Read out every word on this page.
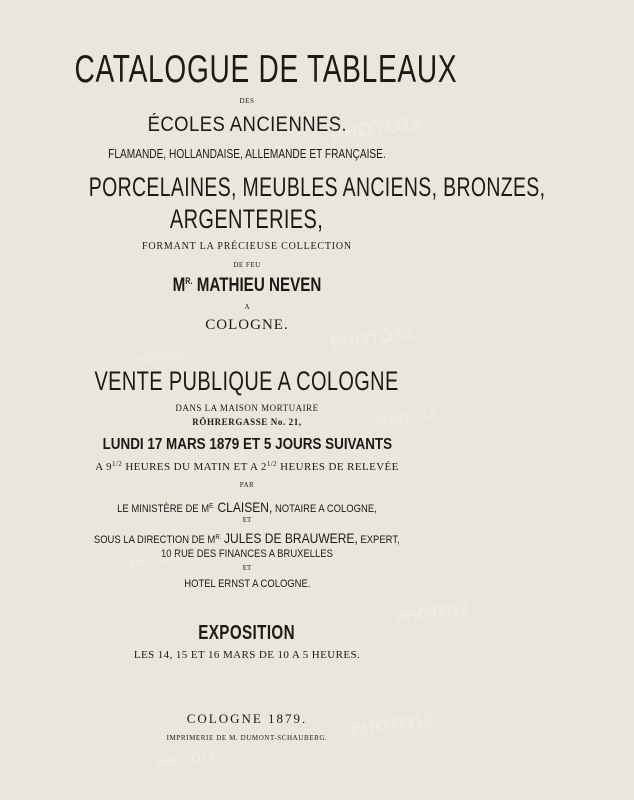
CATALOGUE DE TABLEAUX
DES
ÉCOLES ANCIENNES.
FLAMANDE, HOLLANDAISE, ALLEMANDE ET FRANÇAISE.
PORCELAINES, MEUBLES ANCIENS, BRONZES,
ARGENTERIES,
FORMANT LA PRÉCIEUSE COLLECTION
DE FEU
$M^{R.}$ MATHIEU NEVEN
A
COLOGNE.
VENTE PUBLIQUE A COLOGNE
DANS LA MAISON MORTUAIRE
RÖHRERGASSE No. 21,
LUNDI 17 MARS 1879 ET 5 JOURS SUIVANTS
A $9^{1/2}$ HEURES DU MATIN ET A $2^{1/2}$ HEURES DE RELEVÉE
PAR
LE MINISTÈRE DE $M^{E.}$ CLAISEN, NOTAIRE A COLOGNE,
ET
SOUS LA DIRECTION DE $M^{R.}$ JULES DE BRAUWERE, EXPERT,
10 RUE DES FINANCES A BRUXELLES
ET
HOTEL ERNST A COLOGNE.
EXPOSITION
LES 14, 15 ET 16 MARS DE 10 A 5 HEURES.
COLOGNE 1879.
IMPRIMERIE DE M. DUMONT-SCHAUBERG.
PHOTO12
PHOTO12
PHOTO12
PHOTO12
PHOTO12
PHOTO12
PHOTO12
PHOTO12
